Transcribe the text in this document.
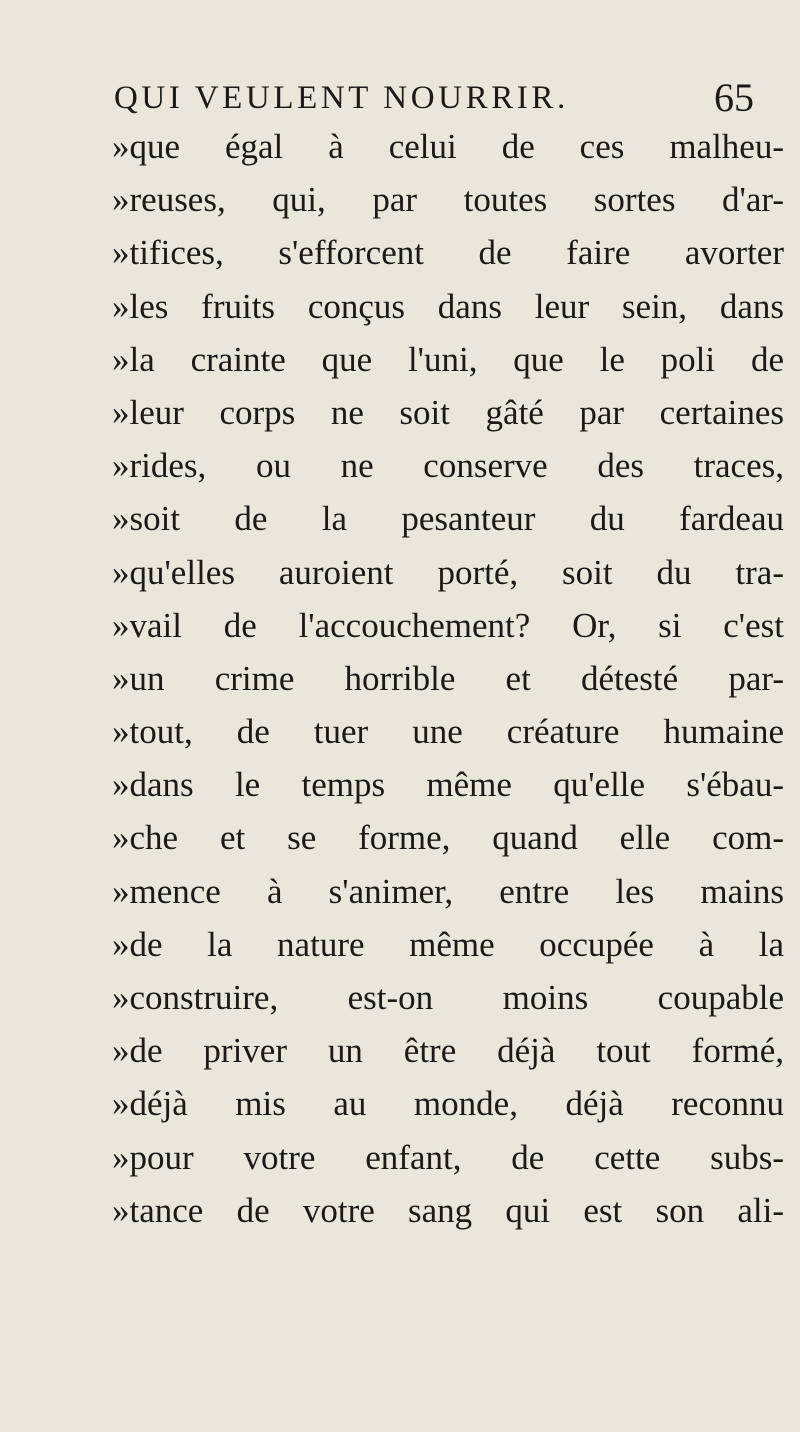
QUI VEULENT NOURRIR.	65
»que égal à celui de ces malheu-
»reuses, qui, par toutes sortes d'ar-
»tifices, s'efforcent de faire avorter
»les fruits conçus dans leur sein, dans
»la crainte que l'uni, que le poli de
»leur corps ne soit gâté par certaines
»rides, ou ne conserve des traces,
»soit de la pesanteur du fardeau
»qu'elles auroient porté, soit du tra-
»vail de l'accouchement? Or, si c'est
»un crime horrible et détesté par-
»tout, de tuer une créature humaine
»dans le temps même qu'elle s'ébau-
»che et se forme, quand elle com-
»mence à s'animer, entre les mains
»de la nature même occupée à la
»construire, est-on moins coupable
»de priver un être déjà tout formé,
»déjà mis au monde, déjà reconnu
»pour votre enfant, de cette subs-
»tance de votre sang qui est son ali-
